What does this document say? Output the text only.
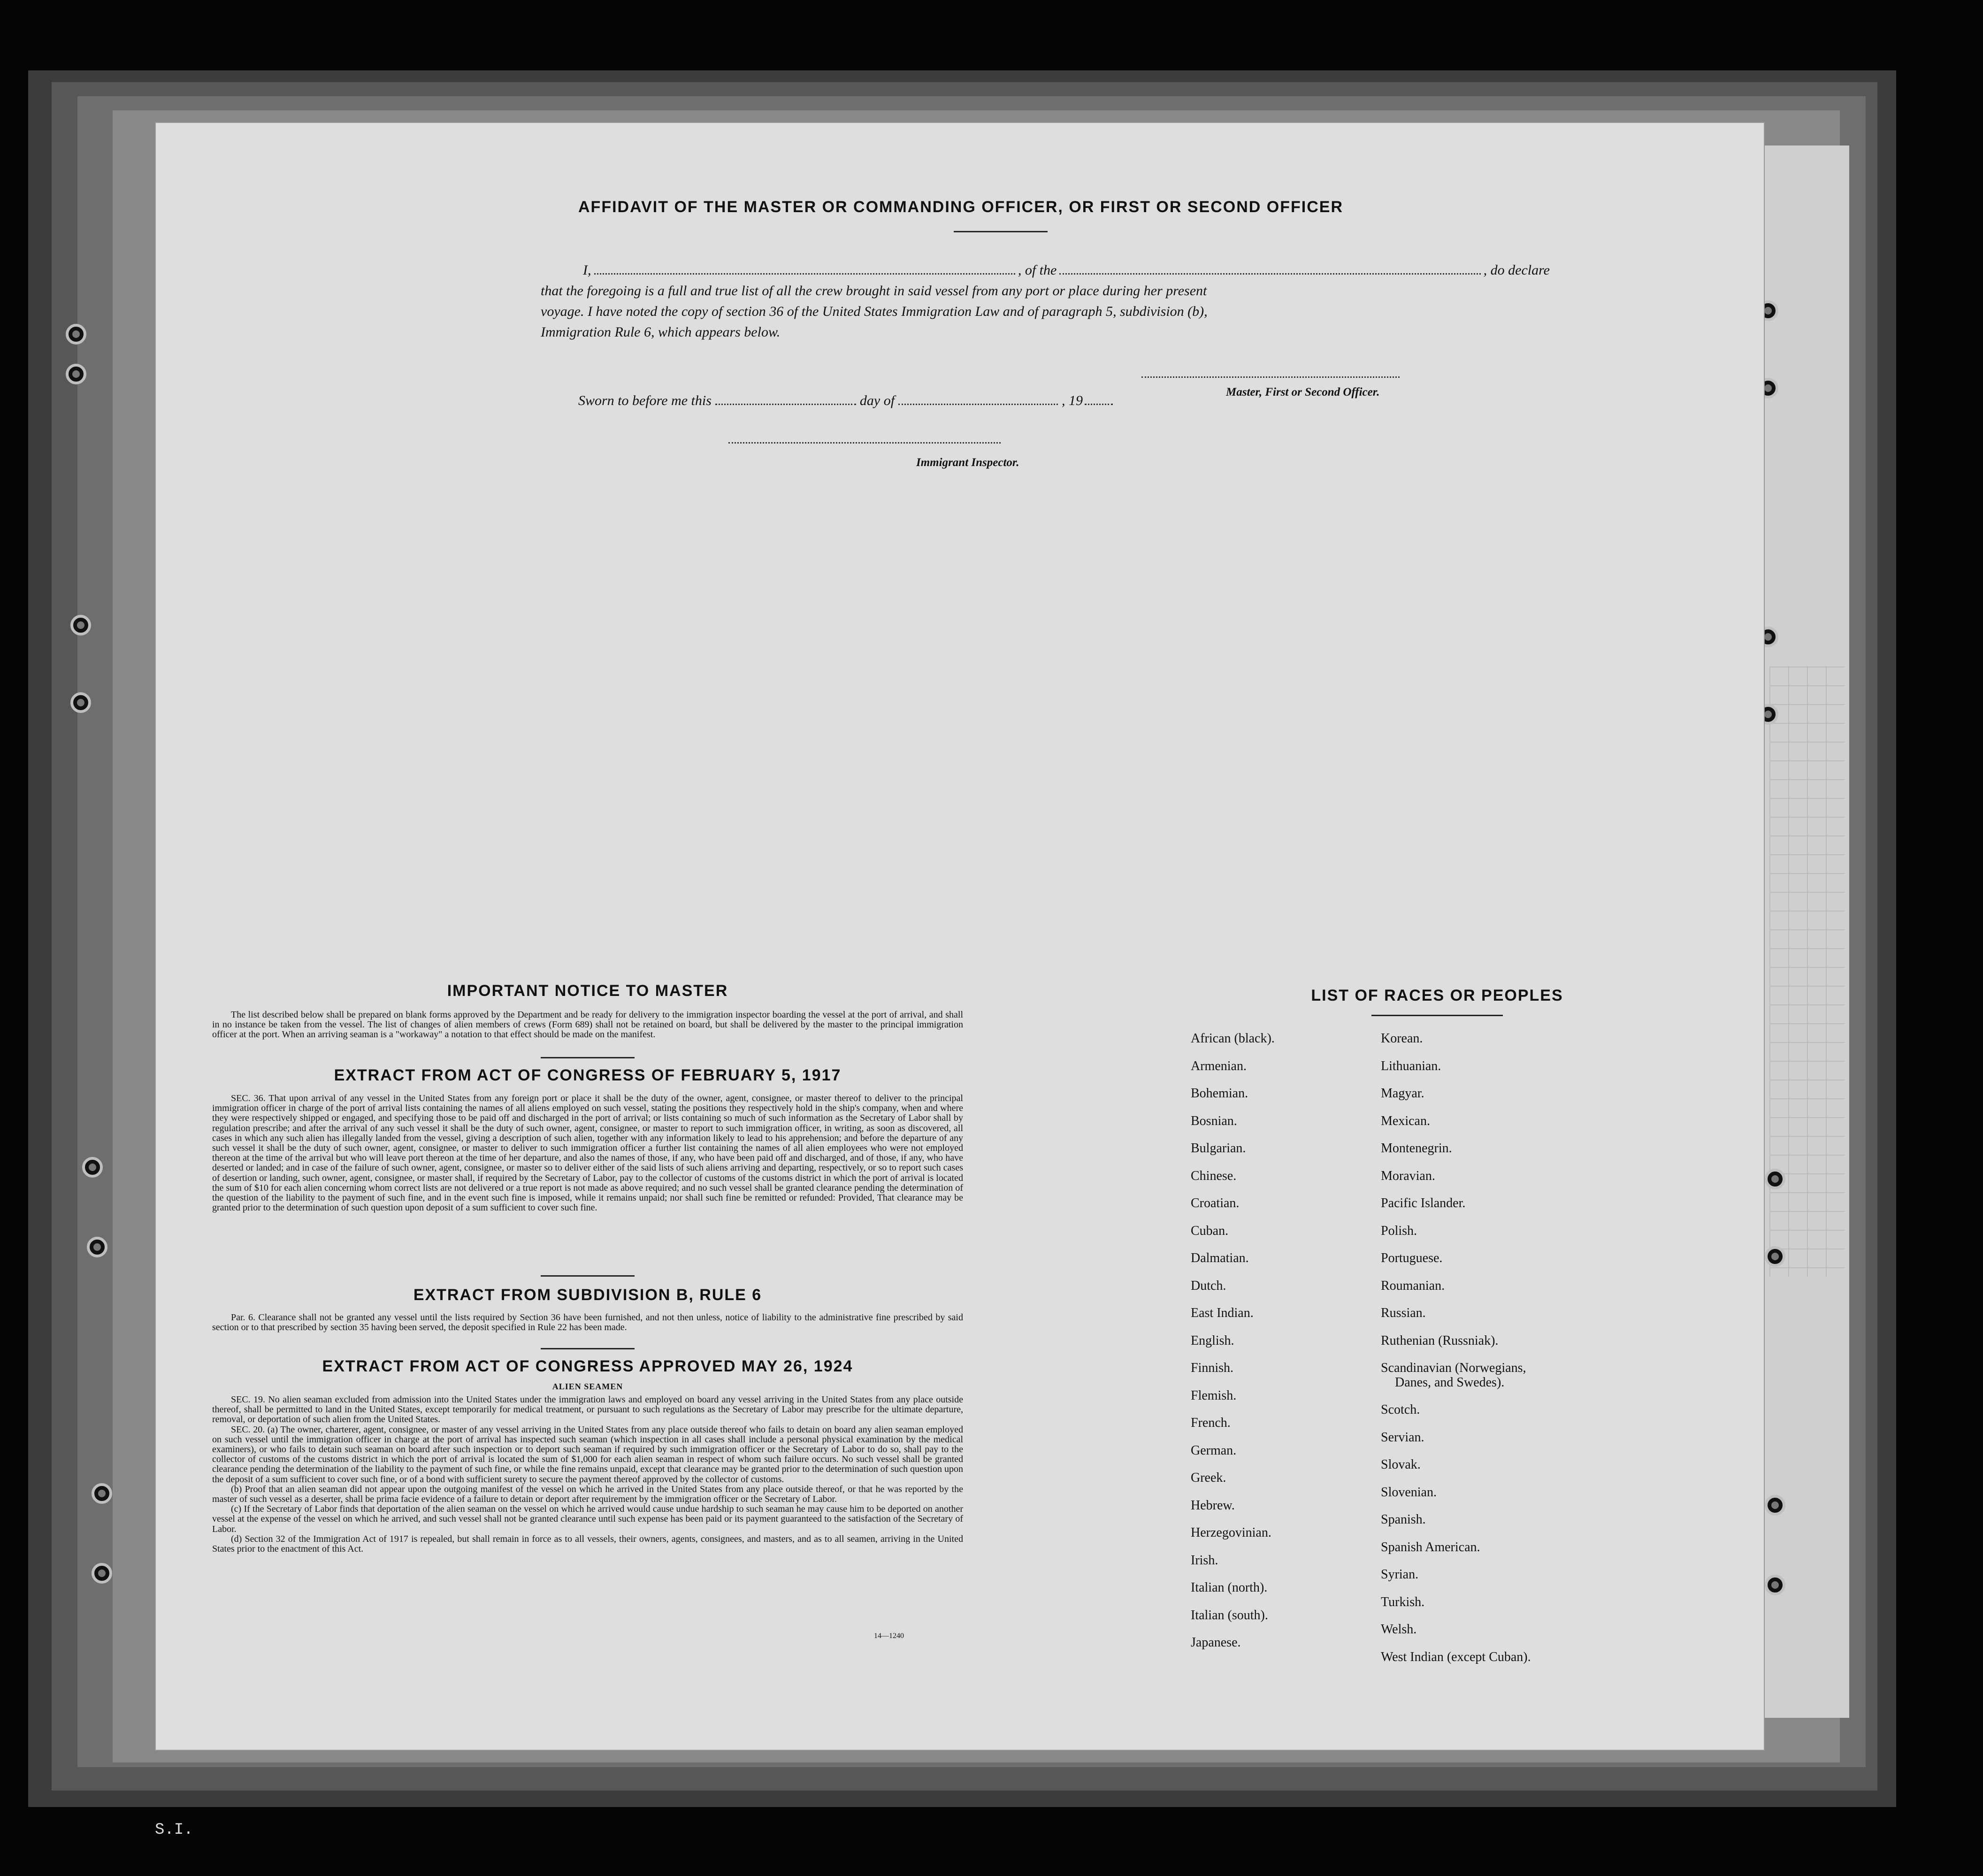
S.I.
AFFIDAVIT OF THE MASTER OR COMMANDING OFFICER, OR FIRST OR SECOND OFFICER
I,	, of the	, do declare
that the foregoing is a full and true list of all the crew brought in said vessel from any port or place during her present
voyage. I have noted the copy of section 36 of the United States Immigration Law and of paragraph 5, subdivision (b),
Immigration Rule 6, which appears below.
Master, First or Second Officer.
Sworn to before me this	day of	, 19
Immigrant Inspector.
IMPORTANT NOTICE TO MASTER

The list described below shall be prepared on blank forms approved by the Department and be ready for delivery to the immigration inspector boarding the vessel at the port of arrival, and shall in no instance be taken from the vessel. The list of changes of alien members of crews (Form 689) shall not be retained on board, but shall be delivered by the master to the principal immigration officer at the port. When an arriving seaman is a "workaway" a notation to that effect should be made on the manifest.

EXTRACT FROM ACT OF CONGRESS OF FEBRUARY 5, 1917

SEC. 36. That upon arrival of any vessel in the United States from any foreign port or place it shall be the duty of the owner, agent, consignee, or master thereof to deliver to the principal immigration officer in charge of the port of arrival lists containing the names of all aliens employed on such vessel, stating the positions they respectively hold in the ship's company, when and where they were respectively shipped or engaged, and specifying those to be paid off and discharged in the port of arrival; or lists containing so much of such information as the Secretary of Labor shall by regulation prescribe; and after the arrival of any such vessel it shall be the duty of such owner, agent, consignee, or master to report to such immigration officer, in writing, as soon as discovered, all cases in which any such alien has illegally landed from the vessel, giving a description of such alien, together with any information likely to lead to his apprehension; and before the departure of any such vessel it shall be the duty of such owner, agent, consignee, or master to deliver to such immigration officer a further list containing the names of all alien employees who were not employed thereon at the time of the arrival but who will leave port thereon at the time of her departure, and also the names of those, if any, who have been paid off and discharged, and of those, if any, who have deserted or landed; and in case of the failure of such owner, agent, consignee, or master so to deliver either of the said lists of such aliens arriving and departing, respectively, or so to report such cases of desertion or landing, such owner, agent, consignee, or master shall, if required by the Secretary of Labor, pay to the collector of customs of the customs district in which the port of arrival is located the sum of $10 for each alien concerning whom correct lists are not delivered or a true report is not made as above required; and no such vessel shall be granted clearance pending the determination of the question of the liability to the payment of such fine, and in the event such fine is imposed, while it remains unpaid; nor shall such fine be remitted or refunded: Provided, That clearance may be granted prior to the determination of such question upon deposit of a sum sufficient to cover such fine.

EXTRACT FROM SUBDIVISION B, RULE 6

Par. 6. Clearance shall not be granted any vessel until the lists required by Section 36 have been furnished, and not then unless, notice of liability to the administrative fine prescribed by said section or to that prescribed by section 35 having been served, the deposit specified in Rule 22 has been made.

EXTRACT FROM ACT OF CONGRESS APPROVED MAY 26, 1924
ALIEN SEAMEN

SEC. 19. No alien seaman excluded from admission into the United States under the immigration laws and employed on board any vessel arriving in the United States from any place outside thereof, shall be permitted to land in the United States, except temporarily for medical treatment, or pursuant to such regulations as the Secretary of Labor may prescribe for the ultimate departure, removal, or deportation of such alien from the United States.

SEC. 20. (a) The owner, charterer, agent, consignee, or master of any vessel arriving in the United States from any place outside thereof who fails to detain on board any alien seaman employed on such vessel until the immigration officer in charge at the port of arrival has inspected such seaman (which inspection in all cases shall include a personal physical examination by the medical examiners), or who fails to detain such seaman on board after such inspection or to deport such seaman if required by such immigration officer or the Secretary of Labor to do so, shall pay to the collector of customs of the customs district in which the port of arrival is located the sum of $1,000 for each alien seaman in respect of whom such failure occurs. No such vessel shall be granted clearance pending the determination of the liability to the payment of such fine, or while the fine remains unpaid, except that clearance may be granted prior to the determination of such question upon the deposit of a sum sufficient to cover such fine, or of a bond with sufficient surety to secure the payment thereof approved by the collector of customs.

(b) Proof that an alien seaman did not appear upon the outgoing manifest of the vessel on which he arrived in the United States from any place outside thereof, or that he was reported by the master of such vessel as a deserter, shall be prima facie evidence of a failure to detain or deport after requirement by the immigration officer or the Secretary of Labor.

(c) If the Secretary of Labor finds that deportation of the alien seaman on the vessel on which he arrived would cause undue hardship to such seaman he may cause him to be deported on another vessel at the expense of the vessel on which he arrived, and such vessel shall not be granted clearance until such expense has been paid or its payment guaranteed to the satisfaction of the Secretary of Labor.

(d) Section 32 of the Immigration Act of 1917 is repealed, but shall remain in force as to all vessels, their owners, agents, consignees, and masters, and as to all seamen, arriving in the United States prior to the enactment of this Act.

14—1240
LIST OF RACES OR PEOPLES
African (black).
Armenian.
Bohemian.
Bosnian.
Bulgarian.
Chinese.
Croatian.
Cuban.
Dalmatian.
Dutch.
East Indian.
English.
Finnish.
Flemish.
French.
German.
Greek.
Hebrew.
Herzegovinian.
Irish.
Italian (north).
Italian (south).
Japanese.
Korean.
Lithuanian.
Magyar.
Mexican.
Montenegrin.
Moravian.
Pacific Islander.
Polish.
Portuguese.
Roumanian.
Russian.
Ruthenian (Russniak).
Scandinavian (Norwegians,
Danes, and Swedes).
Scotch.
Servian.
Slovak.
Slovenian.
Spanish.
Spanish American.
Syrian.
Turkish.
Welsh.
West Indian (except Cuban).
